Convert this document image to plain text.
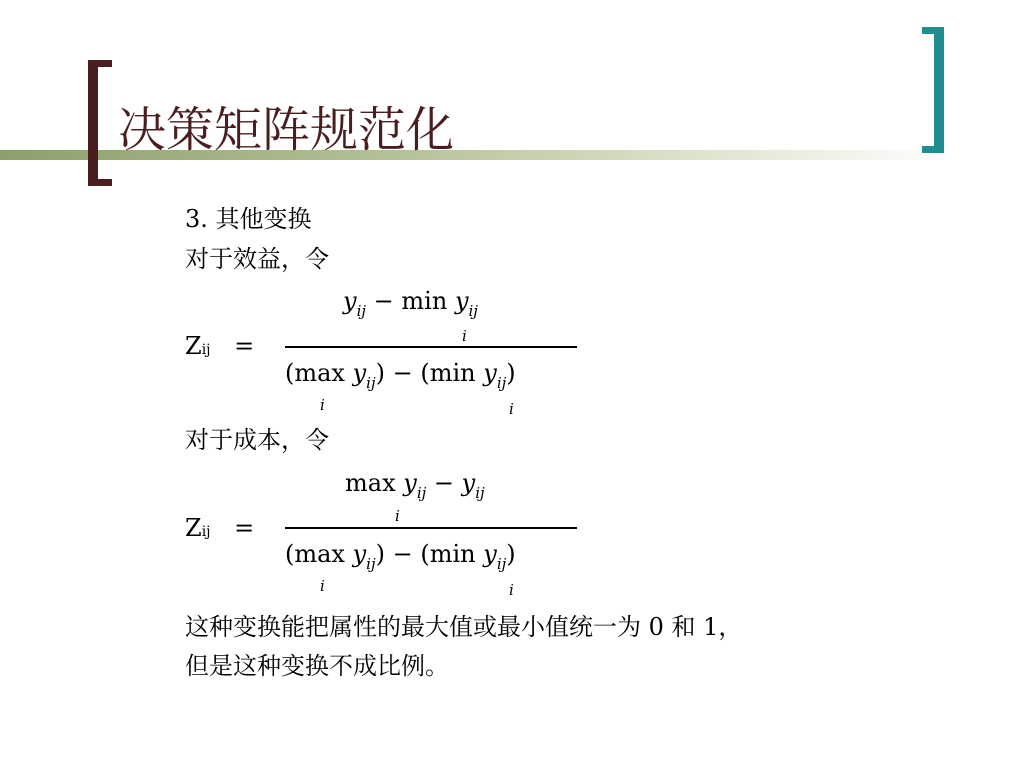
决策矩阵规范化
3. 其他变换
对于效益，令
$y_{ij} - \min y_{ij}$
i
Zij =
(max $y_{ij}) - (\min$ $y_{ij}$)
i	i
对于成本，令
$\max y_{ij} - y_{ij}$
i
Zij =
(max $y_{ij}) - (\min$ $y_{ij}$)
i	i
这种变换能把属性的最大值或最小值统一为 0 和 1，
但是这种变换不成比例。
